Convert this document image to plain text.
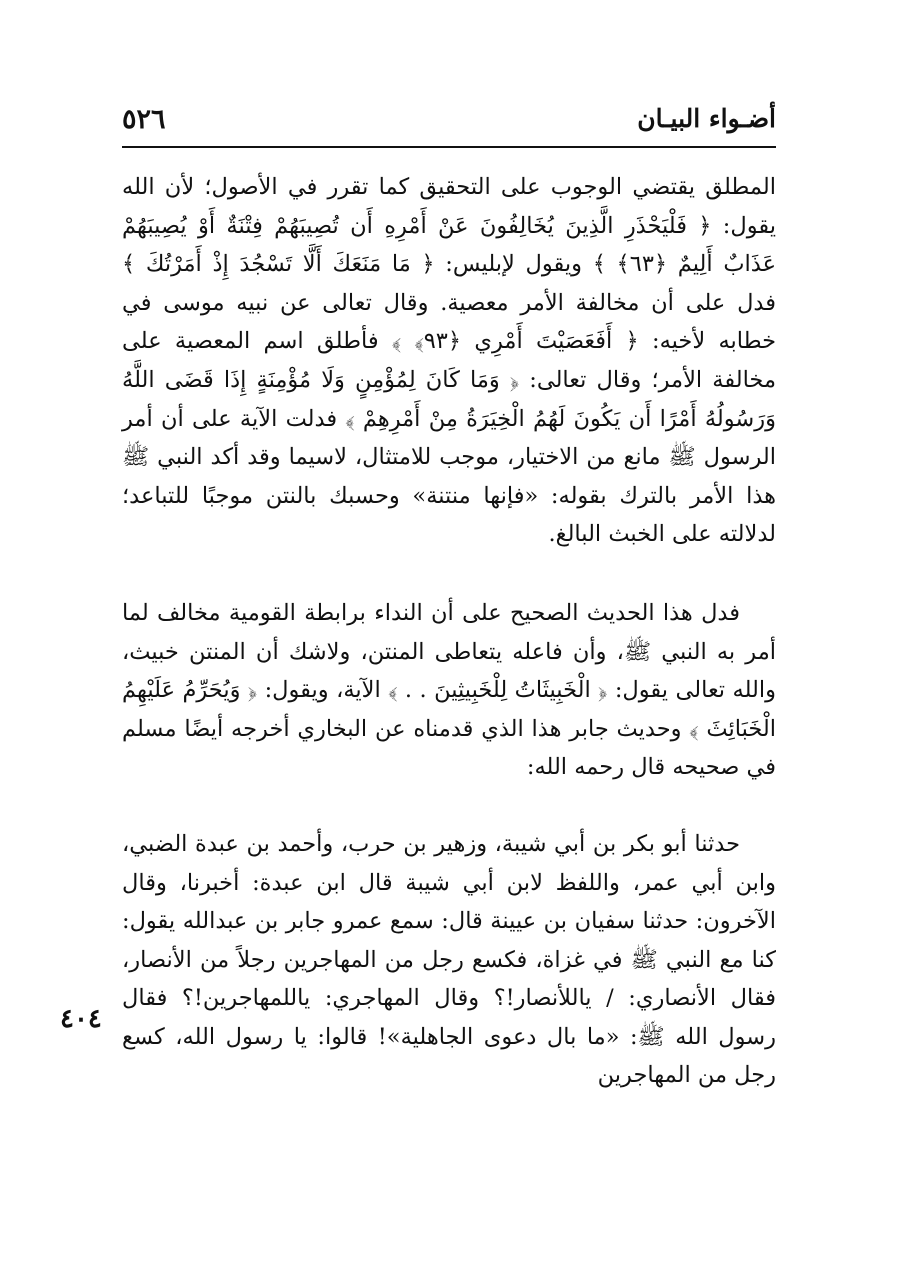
٥٢٦	أضـواء البيـان

المطلق يقتضي الوجوب على التحقيق كما تقرر في الأصول؛ لأن الله يقول: ﴿ فَلْيَحْذَرِ الَّذِينَ يُخَالِفُونَ عَنْ أَمْرِهِ أَن تُصِيبَهُمْ فِتْنَةٌ أَوْ يُصِيبَهُمْ عَذَابٌ أَلِيمٌ ﴿٦٣﴾ ﴾ ويقول لإبليس: ﴿ مَا مَنَعَكَ أَلَّا تَسْجُدَ إِذْ أَمَرْتُكَ ﴾ فدل على أن مخالفة الأمر معصية. وقال تعالى عن نبيه موسى في خطابه لأخيه: ﴿ أَفَعَصَيْتَ أَمْرِي ﴿٩٣﴾ ﴾ فأطلق اسم المعصية على مخالفة الأمر؛ وقال تعالى: ﴿ وَمَا كَانَ لِمُؤْمِنٍ وَلَا مُؤْمِنَةٍ إِذَا قَضَى اللَّهُ وَرَسُولُهُ أَمْرًا أَن يَكُونَ لَهُمُ الْخِيَرَةُ مِنْ أَمْرِهِمْ ﴾ فدلت الآية على أن أمر الرسول ﷺ مانع من الاختيار، موجب للامتثال، لاسيما وقد أكد النبي ﷺ هذا الأمر بالترك بقوله: «فإنها منتنة» وحسبك بالنتن موجبًا للتباعد؛ لدلالته على الخبث البالغ.

فدل هذا الحديث الصحيح على أن النداء برابطة القومية مخالف لما أمر به النبي ﷺ، وأن فاعله يتعاطى المنتن، ولاشك أن المنتن خبيث، والله تعالى يقول: ﴿ الْخَبِيثَاتُ لِلْخَبِيثِينَ . . ﴾ الآية، ويقول: ﴿ وَيُحَرِّمُ عَلَيْهِمُ الْخَبَائِثَ ﴾ وحديث جابر هذا الذي قدمناه عن البخاري أخرجه أيضًا مسلم في صحيحه قال رحمه الله:

حدثنا أبو بكر بن أبي شيبة، وزهير بن حرب، وأحمد بن عبدة الضبي، وابن أبي عمر، واللفظ لابن أبي شيبة قال ابن عبدة: أخبرنا، وقال الآخرون: حدثنا سفيان بن عيينة قال: سمع عمرو جابر بن عبدالله يقول: كنا مع النبي ﷺ في غزاة، فكسع رجل من المهاجرين رجلاً من الأنصار، فقال الأنصاري: / ياللأنصار!؟ وقال المهاجري: ياللمهاجرين!؟ فقال رسول الله ﷺ: «ما بال دعوى الجاهلية»! قالوا: يا رسول الله، كسع رجل من المهاجرين

٤٠٤
